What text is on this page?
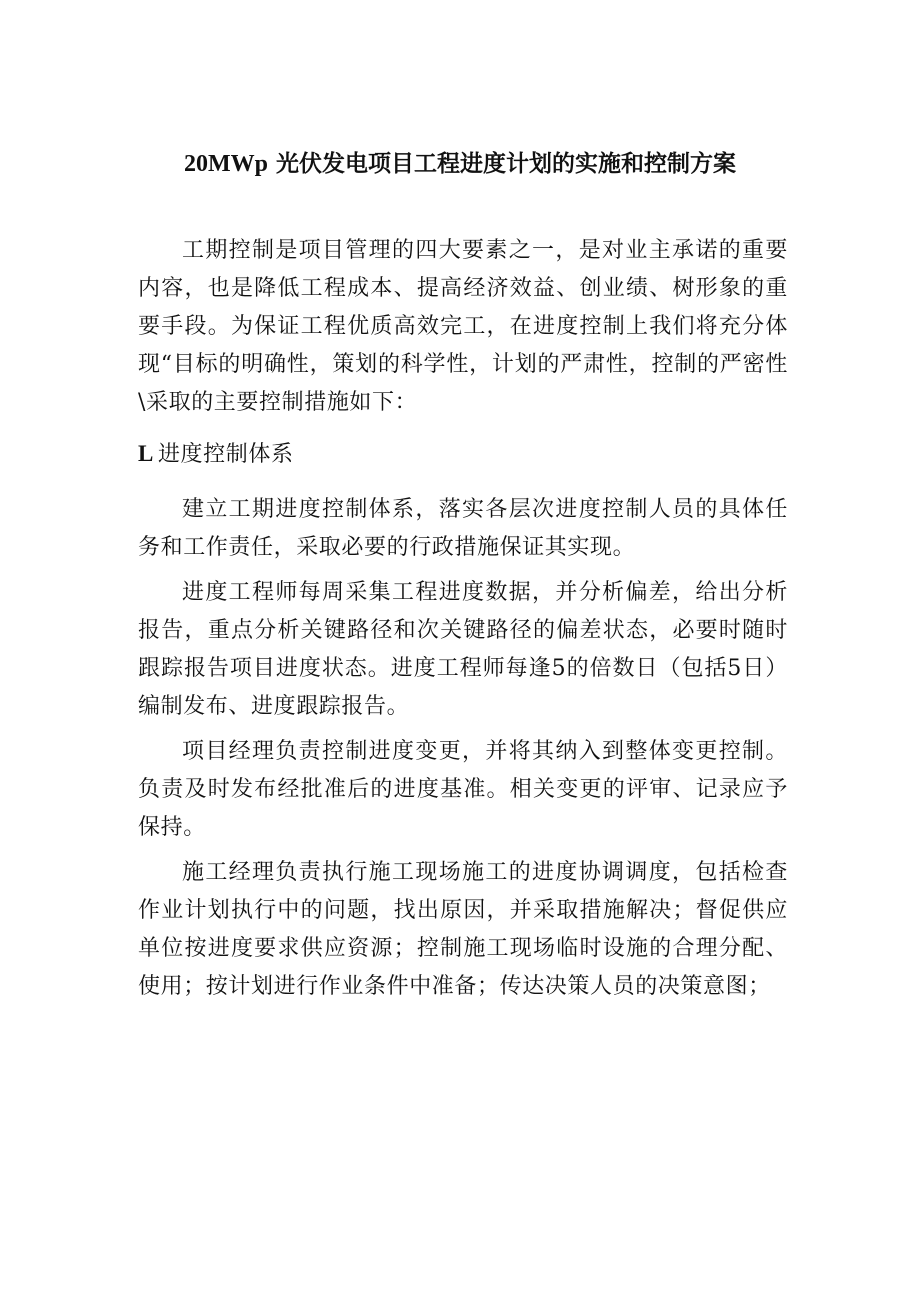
20MWp 光伏发电项目工程进度计划的实施和控制方案

工期控制是项目管理的四大要素之一，是对业主承诺的重要内容，也是降低工程成本、提高经济效益、创业绩、树形象的重要手段。为保证工程优质高效完工，在进度控制上我们将充分体现“目标的明确性，策划的科学性，计划的严肃性，控制的严密性\采取的主要控制措施如下：

L 进度控制体系

建立工期进度控制体系，落实各层次进度控制人员的具体任务和工作责任，采取必要的行政措施保证其实现。

进度工程师每周采集工程进度数据，并分析偏差，给出分析报告，重点分析关键路径和次关键路径的偏差状态，必要时随时跟踪报告项目进度状态。进度工程师每逢5的倍数日（包括5日）编制发布、进度跟踪报告。

项目经理负责控制进度变更，并将其纳入到整体变更控制。负责及时发布经批准后的进度基准。相关变更的评审、记录应予保持。

施工经理负责执行施工现场施工的进度协调调度，包括检查作业计划执行中的问题，找出原因，并采取措施解决；督促供应单位按进度要求供应资源；控制施工现场临时设施的合理分配、使用；按计划进行作业条件中准备；传达决策人员的决策意图；
